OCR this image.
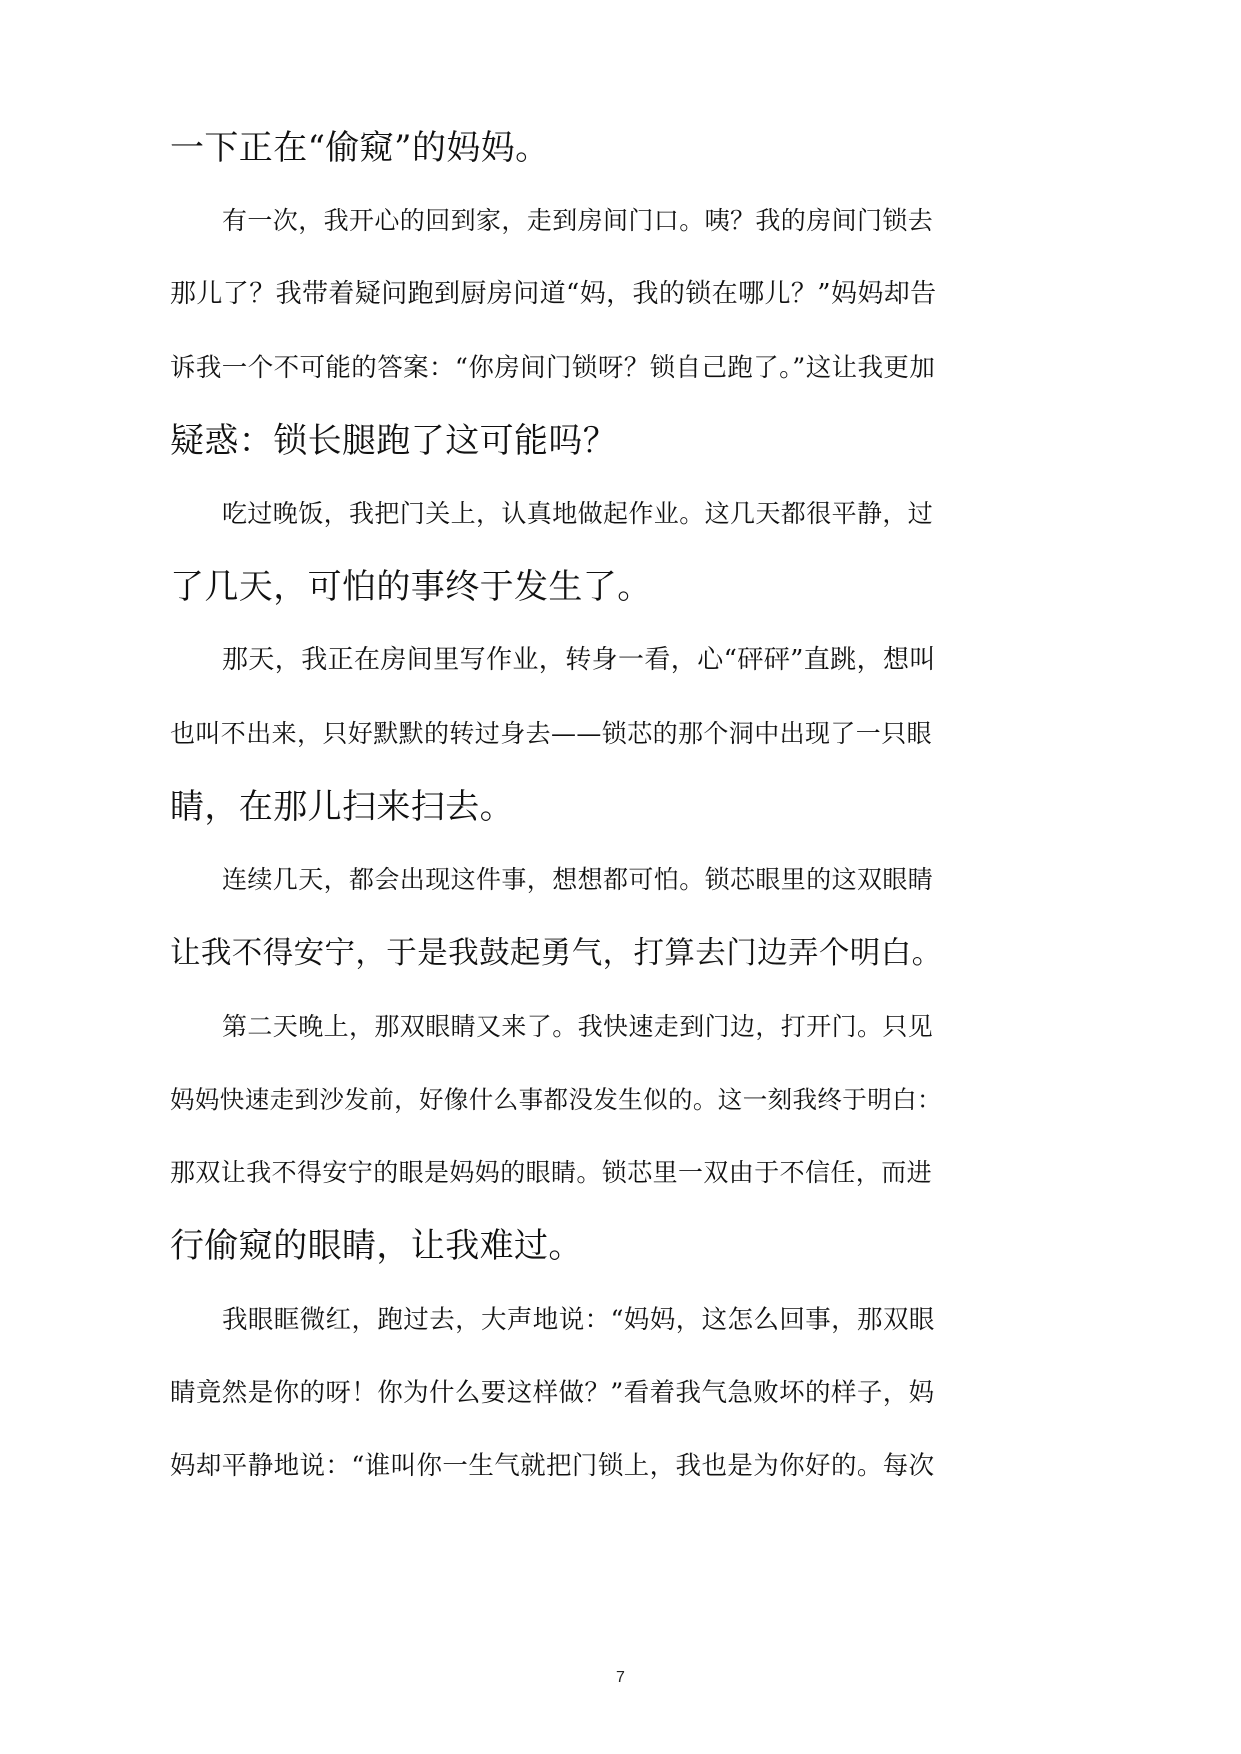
一下正在“偷窥”的妈妈。
有一次，我开心的回到家，走到房间门口。咦？我的房间门锁去
那儿了？我带着疑问跑到厨房问道“妈，我的锁在哪儿？”妈妈却告
诉我一个不可能的答案：“你房间门锁呀？锁自己跑了。”这让我更加
疑惑：锁长腿跑了这可能吗？
吃过晚饭，我把门关上，认真地做起作业。这几天都很平静，过
了几天，可怕的事终于发生了。
那天，我正在房间里写作业，转身一看，心“砰砰”直跳，想叫
也叫不出来，只好默默的转过身去——锁芯的那个洞中出现了一只眼
睛，在那儿扫来扫去。
连续几天，都会出现这件事，想想都可怕。锁芯眼里的这双眼睛
让我不得安宁，于是我鼓起勇气，打算去门边弄个明白。
第二天晚上，那双眼睛又来了。我快速走到门边，打开门。只见
妈妈快速走到沙发前，好像什么事都没发生似的。这一刻我终于明白：
那双让我不得安宁的眼是妈妈的眼睛。锁芯里一双由于不信任，而进
行偷窥的眼睛，让我难过。
我眼眶微红，跑过去，大声地说：“妈妈，这怎么回事，那双眼
睛竟然是你的呀！你为什么要这样做？”看着我气急败坏的样子，妈
妈却平静地说：“谁叫你一生气就把门锁上，我也是为你好的。每次
7
